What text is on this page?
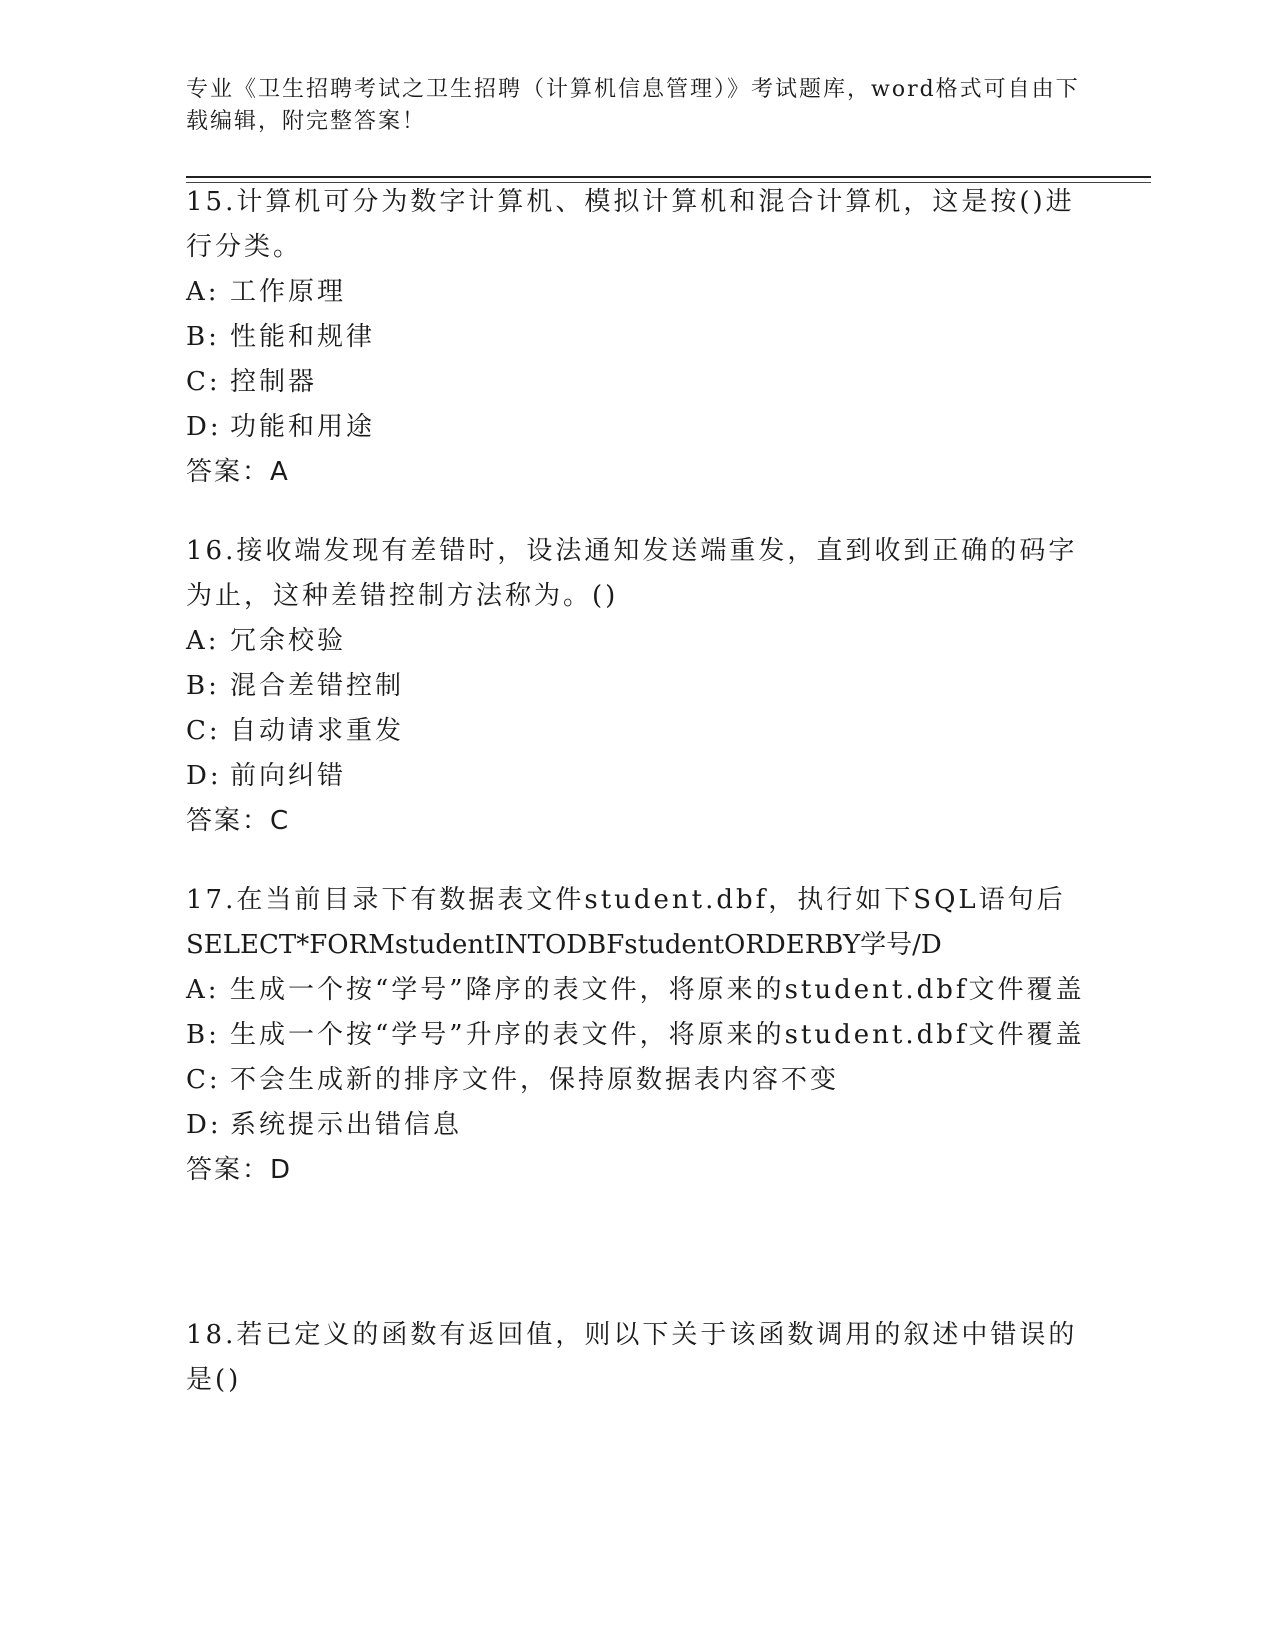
专业《卫生招聘考试之卫生招聘（计算机信息管理）》考试题库，word格式可自由下载编辑，附完整答案！

15.计算机可分为数字计算机、模拟计算机和混合计算机，这是按()进行分类。

A: 工作原理

B: 性能和规律

C: 控制器

D: 功能和用途

答案：A

16.接收端发现有差错时，设法通知发送端重发，直到收到正确的码字为止，这种差错控制方法称为。()

A: 冗余校验

B: 混合差错控制

C: 自动请求重发

D: 前向纠错

答案：C

17.在当前目录下有数据表文件student.dbf，执行如下SQL语句后

SELECT*FORMstudentINTODBFstudentORDERBY学号/D

A: 生成一个按“学号”降序的表文件，将原来的student.dbf文件覆盖

B: 生成一个按“学号”升序的表文件，将原来的student.dbf文件覆盖

C: 不会生成新的排序文件，保持原数据表内容不变

D: 系统提示出错信息

答案：D

18.若已定义的函数有返回值，则以下关于该函数调用的叙述中错误的是()
